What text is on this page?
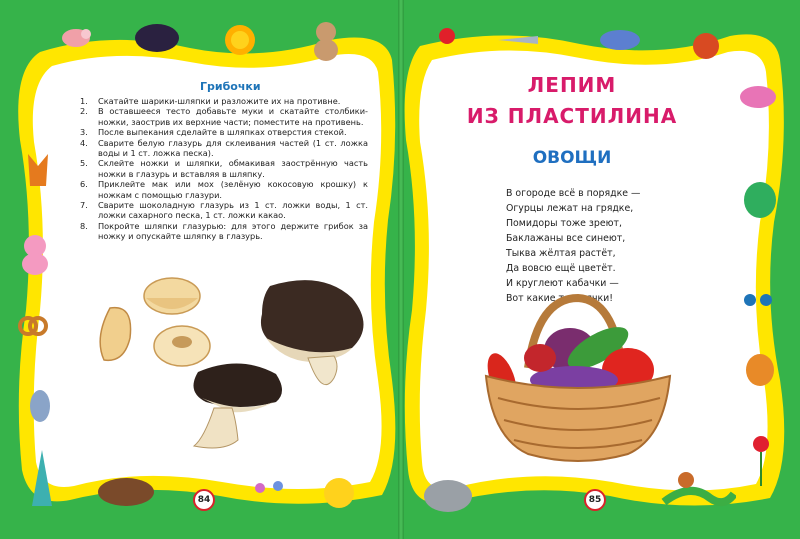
Грибочки
1. Скатайте шарики-шляпки и разложите их на противне.
2. В оставшееся тесто добавьте муки и скатайте столбики-ножки, заострив их верхние части; поместите на противень.
3. После выпекания сделайте в шляпках отверстия стекой.
4. Сварите белую глазурь для склеивания частей (1 ст. ложка воды и 1 ст. ложка песка).
5. Склейте ножки и шляпки, обмакивая заострённую часть ножки в глазурь и вставляя в шляпку.
6. Приклейте мак или мох (зелёную кокосовую крошку) к ножкам с помощью глазури.
7. Сварите шоколадную глазурь из 1 ст. ложки воды, 1 ст. ложки сахарного песка, 1 ст. ложки какао.
8. Покройте шляпки глазурью: для этого держите грибок за ножку и опускайте шляпку в глазурь.
ЛЕПИМ
ИЗ ПЛАСТИЛИНА
ОВОЩИ
В огороде всё в порядке —
Огурцы лежат на грядке,
Помидоры тоже зреют,
Баклажаны все синеют,
Тыква жёлтая растёт,
Да вовсю ещё цветёт.
И круглеют кабачки —
Вот какие толстячки!
84	85
